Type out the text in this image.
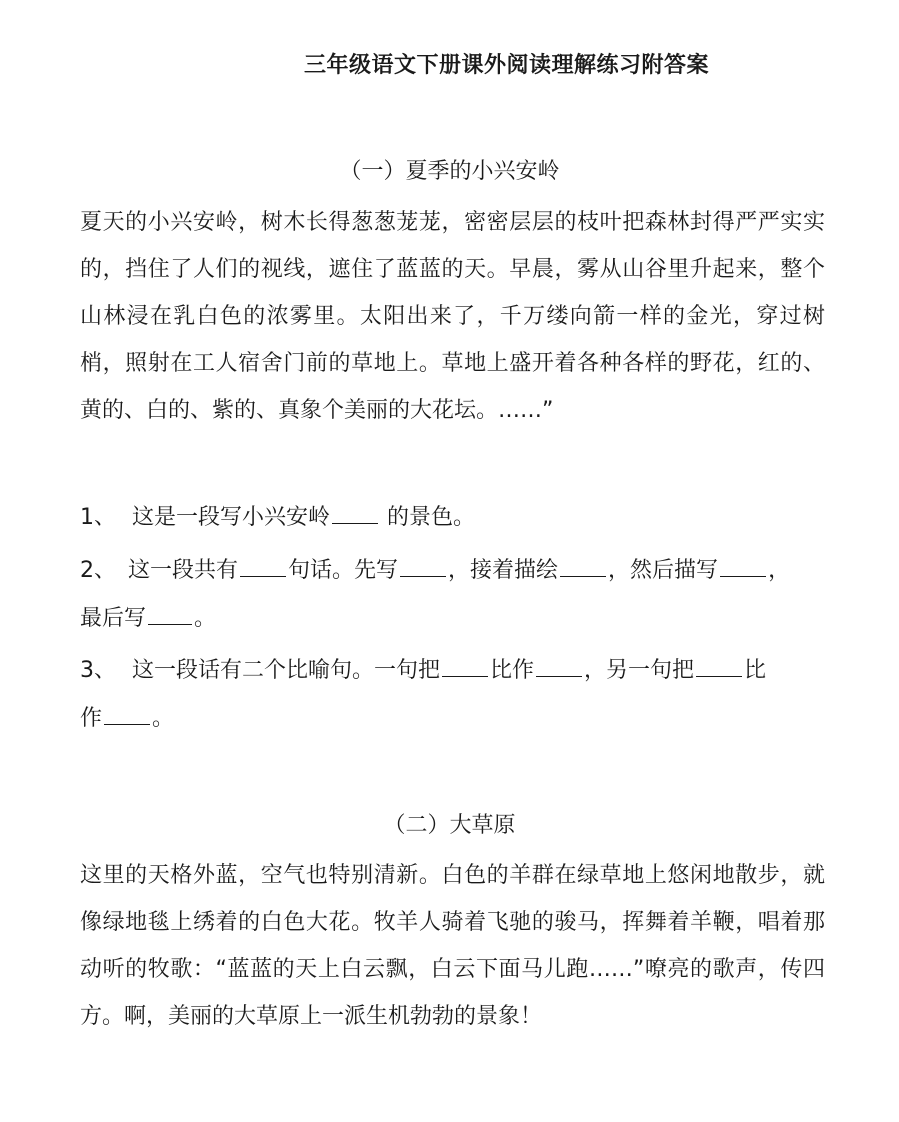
三年级语文下册课外阅读理解练习附答案
（一）夏季的小兴安岭
夏天的小兴安岭，树木长得葱葱茏茏，密密层层的枝叶把森林封得严严实实的，挡住了人们的视线，遮住了蓝蓝的天。早晨，雾从山谷里升起来，整个山林浸在乳白色的浓雾里。太阳出来了，千万缕向箭一样的金光，穿过树梢，照射在工人宿舍门前的草地上。草地上盛开着各种各样的野花，红的、黄的、白的、紫的、真象个美丽的大花坛。……”
1、 这是一段写小兴安岭 的景色。
2、 这一段共有 句话。先写 ，接着描绘 ，然后描写 ，
最后写 。
3、 这一段话有二个比喻句。一句把 比作 ，另一句把 比
作 。
（二）大草原
这里的天格外蓝，空气也特别清新。白色的羊群在绿草地上悠闲地散步，就像绿地毯上绣着的白色大花。牧羊人骑着飞驰的骏马，挥舞着羊鞭，唱着那动听的牧歌：“蓝蓝的天上白云飘，白云下面马儿跑……”嘹亮的歌声，传四方。啊，美丽的大草原上一派生机勃勃的景象！
